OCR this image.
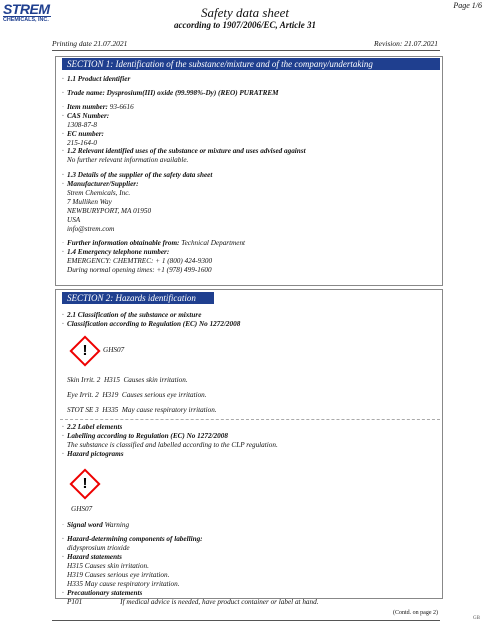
STREM
CHEMICALS, INC.	Safety data sheet
according to 1907/2006/EC, Article 31
Page 1/6
Printing date 21.07.2021	Revision: 21.07.2021
SECTION 1: Identification of the substance/mixture and of the company/undertaking
· 1.1 Product identifier
· Trade name: Dysprosium(III) oxide (99.998%-Dy) (REO) PURATREM
· Item number: 93-6616
· CAS Number:
1308-87-8
· EC number:
215-164-0
· 1.2 Relevant identified uses of the substance or mixture and uses advised against
No further relevant information available.
· 1.3 Details of the supplier of the safety data sheet
· Manufacturer/Supplier:
Strem Chemicals, Inc.
7 Mulliken Way
NEWBURYPORT, MA 01950
USA
info@strem.com
· Further information obtainable from: Technical Department
· 1.4 Emergency telephone number:
EMERGENCY: CHEMTREC: + 1 (800) 424-9300
During normal opening times: +1 (978) 499-1600
SECTION 2: Hazards identification
· 2.1 Classification of the substance or mixture
· Classification according to Regulation (EC) No 1272/2008
!	GHS07
Skin Irrit. 2 H315 Causes skin irritation.
Eye Irrit. 2 H319 Causes serious eye irritation.
STOT SE 3 H335 May cause respiratory irritation.
· 2.2 Label elements
· Labelling according to Regulation (EC) No 1272/2008
The substance is classified and labelled according to the CLP regulation.
· Hazard pictograms
!
GHS07
· Signal word Warning
· Hazard-determining components of labelling:
didysprosium trioxide
· Hazard statements
H315 Causes skin irritation.
H319 Causes serious eye irritation.
H335 May cause respiratory irritation.
· Precautionary statements
P101	If medical advice is needed, have product container or label at hand.
(Contd. on page 2)
GB
